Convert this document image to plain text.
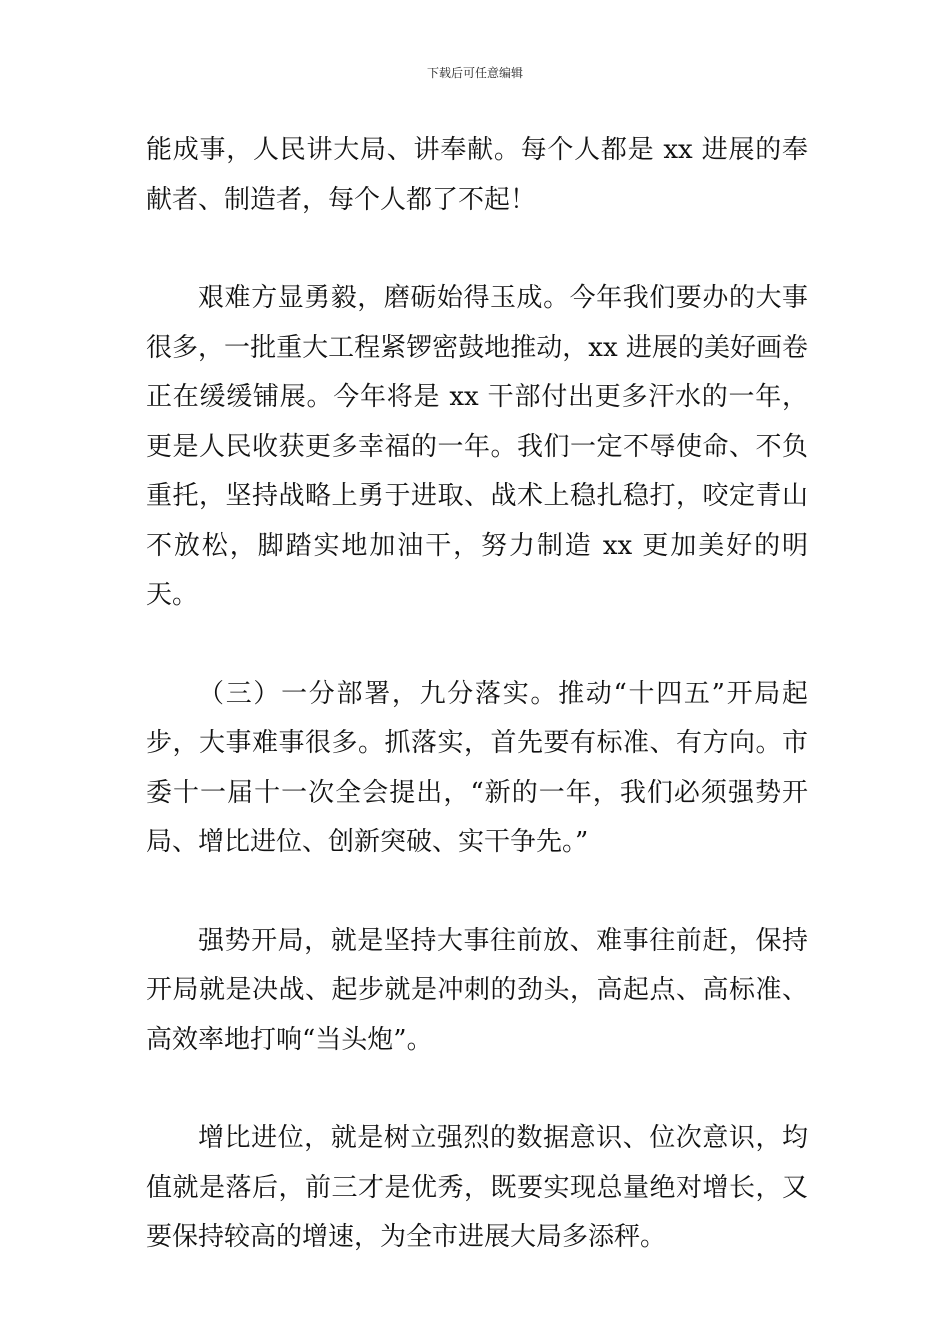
下载后可任意编辑

能成事，人民讲大局、讲奉献。每个人都是 xx 进展的奉献者、制造者，每个人都了不起！

艰难方显勇毅，磨砺始得玉成。今年我们要办的大事很多，一批重大工程紧锣密鼓地推动，xx 进展的美好画卷正在缓缓铺展。今年将是 xx 干部付出更多汗水的一年，更是人民收获更多幸福的一年。我们一定不辱使命、不负重托，坚持战略上勇于进取、战术上稳扎稳打，咬定青山不放松，脚踏实地加油干，努力制造 xx 更加美好的明天。

（三）一分部署，九分落实。推动“十四五”开局起步，大事难事很多。抓落实，首先要有标准、有方向。市委十一届十一次全会提出，“新的一年，我们必须强势开局、增比进位、创新突破、实干争先。”

强势开局，就是坚持大事往前放、难事往前赶，保持开局就是决战、起步就是冲刺的劲头，高起点、高标准、高效率地打响“当头炮”。

增比进位，就是树立强烈的数据意识、位次意识，均值就是落后，前三才是优秀，既要实现总量绝对增长，又要保持较高的增速，为全市进展大局多添秤。
